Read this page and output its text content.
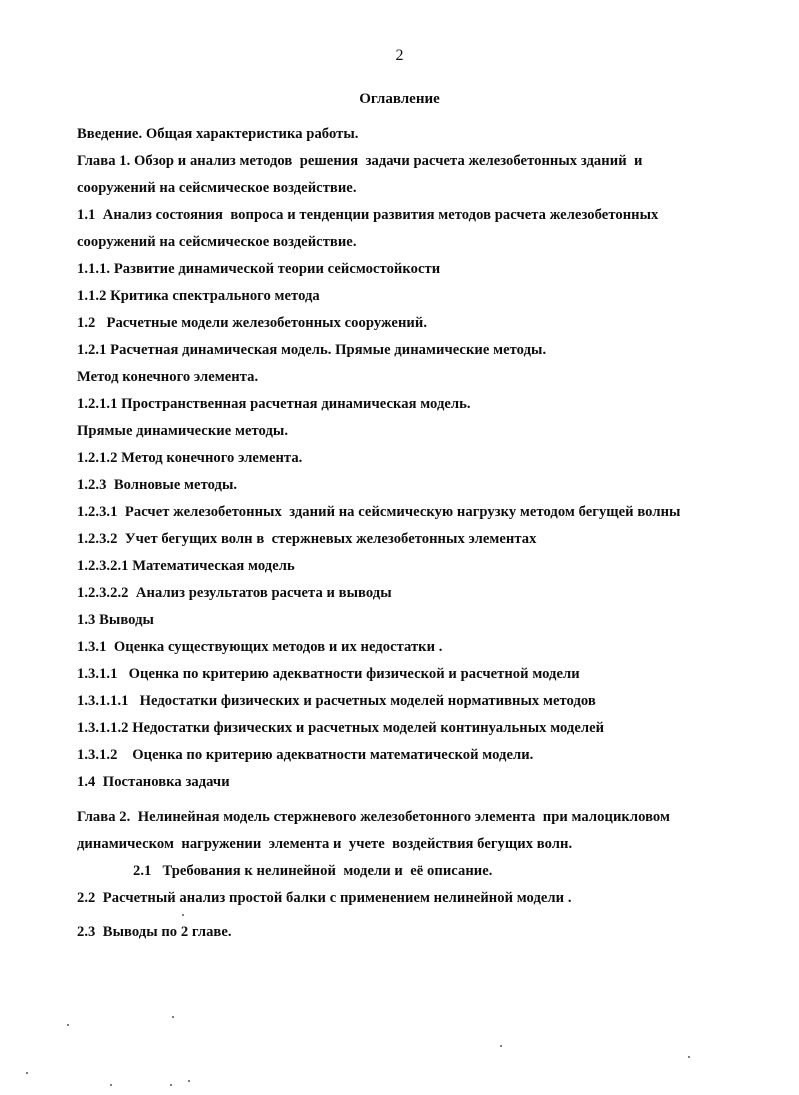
2
Оглавление
Введение. Общая характеристика работы.
Глава 1. Обзор и анализ методов  решения  задачи расчета железобетонных зданий  и
сооружений на сейсмическое воздействие.
1.1  Анализ состояния  вопроса и тенденции развития методов расчета железобетонных
сооружений на сейсмическое воздействие.
1.1.1. Развитие динамической теории сейсмостойкости
1.1.2 Критика спектрального метода
1.2   Расчетные модели железобетонных сооружений.
1.2.1 Расчетная динамическая модель. Прямые динамические методы.
Метод конечного элемента.
1.2.1.1 Пространственная расчетная динамическая модель.
Прямые динамические методы.
1.2.1.2 Метод конечного элемента.
1.2.3  Волновые методы.
1.2.3.1  Расчет железобетонных  зданий на сейсмическую нагрузку методом бегущей волны
1.2.3.2  Учет бегущих волн в  стержневых железобетонных элементах
1.2.3.2.1 Математическая модель
1.2.3.2.2  Анализ результатов расчета и выводы
1.3 Выводы
1.3.1  Оценка существующих методов и их недостатки .
1.3.1.1   Оценка по критерию адекватности физической и расчетной модели
1.3.1.1.1   Недостатки физических и расчетных моделей нормативных методов
1.3.1.1.2 Недостатки физических и расчетных моделей континуальных моделей
1.3.1.2    Оценка по критерию адекватности математической модели.
1.4  Постановка задачи
Глава 2.  Нелинейная модель стержневого железобетонного элемента  при малоцикловом
динамическом  нагружении  элемента и  учете  воздействия бегущих волн.
2.1   Требования к нелинейной  модели и  её описание.
2.2  Расчетный анализ простой балки с применением нелинейной модели .
2.3  Выводы по 2 главе.
